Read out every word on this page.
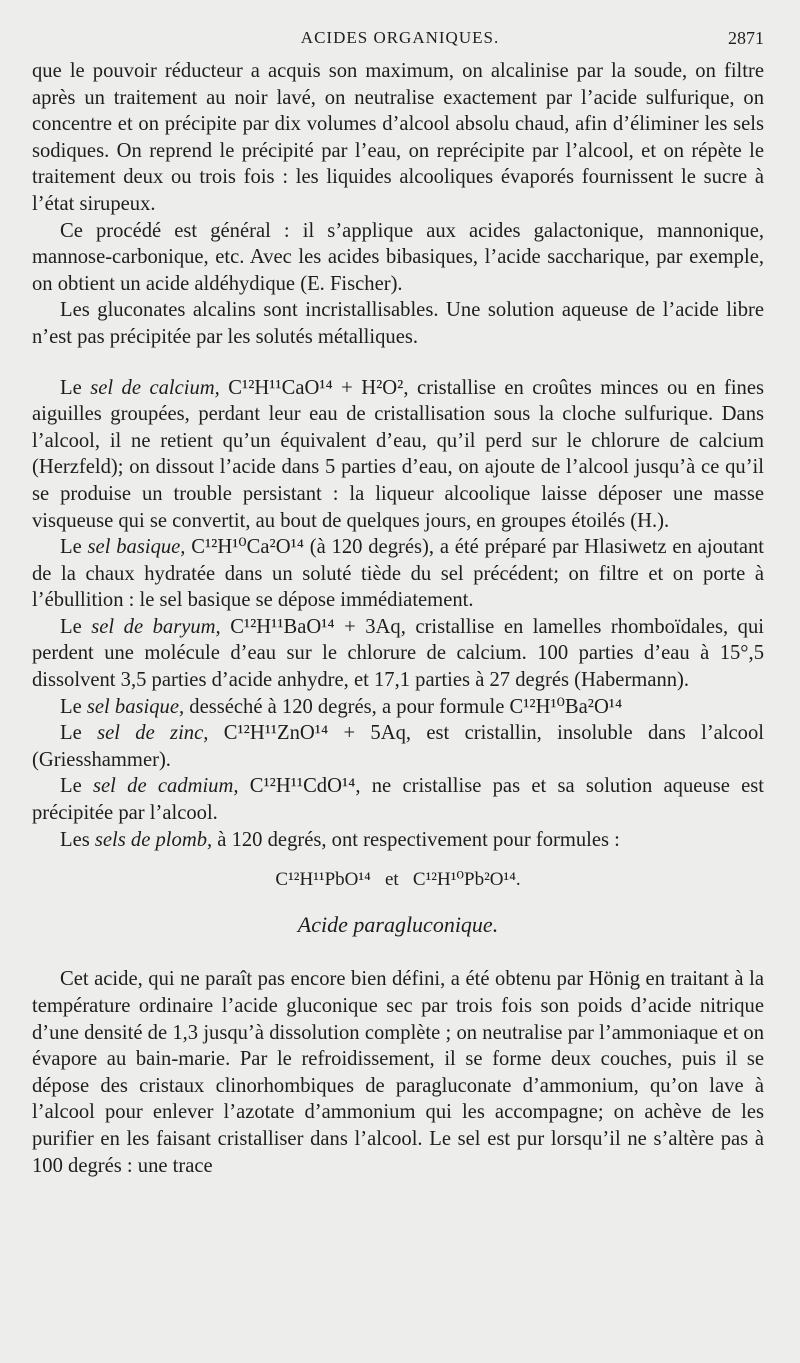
ACIDES ORGANIQUES.	2871

que le pouvoir réducteur a acquis son maximum, on alcalinise par la soude, on filtre après un traitement au noir lavé, on neutralise exactement par l’acide sulfurique, on concentre et on précipite par dix volumes d’alcool absolu chaud, afin d’éliminer les sels sodiques. On reprend le précipité par l’eau, on reprécipite par l’alcool, et on répète le traitement deux ou trois fois : les liquides alcooliques évaporés fournissent le sucre à l’état sirupeux.

Ce procédé est général : il s’applique aux acides galactonique, mannonique, mannose-carbonique, etc. Avec les acides bibasiques, l’acide saccharique, par exemple, on obtient un acide aldéhydique (E. Fischer).

Les gluconates alcalins sont incristallisables. Une solution aqueuse de l’acide libre n’est pas précipitée par les solutés métalliques.

Le sel de calcium, C¹²H¹¹CaO¹⁴ + H²O², cristallise en croûtes minces ou en fines aiguilles groupées, perdant leur eau de cristallisation sous la cloche sulfurique. Dans l’alcool, il ne retient qu’un équivalent d’eau, qu’il perd sur le chlorure de calcium (Herzfeld); on dissout l’acide dans 5 parties d’eau, on ajoute de l’alcool jusqu’à ce qu’il se produise un trouble persistant : la liqueur alcoolique laisse déposer une masse visqueuse qui se convertit, au bout de quelques jours, en groupes étoilés (H.).

Le sel basique, C¹²H¹⁰Ca²O¹⁴ (à 120 degrés), a été préparé par Hlasiwetz en ajoutant de la chaux hydratée dans un soluté tiède du sel précédent; on filtre et on porte à l’ébullition : le sel basique se dépose immédiatement.

Le sel de baryum, C¹²H¹¹BaO¹⁴ + 3Aq, cristallise en lamelles rhomboïdales, qui perdent une molécule d’eau sur le chlorure de calcium. 100 parties d’eau à 15°,5 dissolvent 3,5 parties d’acide anhydre, et 17,1 parties à 27 degrés (Habermann).

Le sel basique, desséché à 120 degrés, a pour formule C¹²H¹⁰Ba²O¹⁴

Le sel de zinc, C¹²H¹¹ZnO¹⁴ + 5Aq, est cristallin, insoluble dans l’alcool (Griesshammer).

Le sel de cadmium, C¹²H¹¹CdO¹⁴, ne cristallise pas et sa solution aqueuse est précipitée par l’alcool.

Les sels de plomb, à 120 degrés, ont respectivement pour formules :

C¹²H¹¹PbO¹⁴   et   C¹²H¹⁰Pb²O¹⁴.
Acide paragluconique.

Cet acide, qui ne paraît pas encore bien défini, a été obtenu par Hönig en traitant à la température ordinaire l’acide gluconique sec par trois fois son poids d’acide nitrique d’une densité de 1,3 jusqu’à dissolution complète ; on neutralise par l’ammoniaque et on évapore au bain-marie. Par le refroidissement, il se forme deux couches, puis il se dépose des cristaux clinorhombiques de paragluconate d’ammonium, qu’on lave à l’alcool pour enlever l’azotate d’ammonium qui les accompagne; on achève de les purifier en les faisant cristalliser dans l’alcool. Le sel est pur lorsqu’il ne s’altère pas à 100 degrés : une trace
